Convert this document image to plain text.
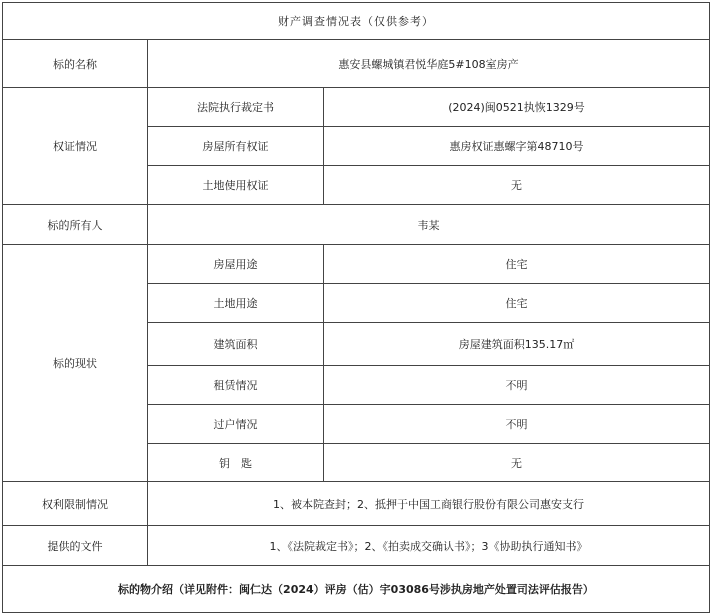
财产调查情况表（仅供参考）		
标的名称	惠安县螺城镇君悦华庭5#108室房产	
权证情况	法院执行裁定书	(2024)闽0521执恢1329号
	房屋所有权证	惠房权证惠螺字第48710号
	土地使用权证	无
标的所有人	韦某	
标的现状	房屋用途	住宅
	土地用途	住宅
	建筑面积	房屋建筑面积135.17㎡
	租赁情况	不明
	过户情况	不明
	钥　匙	无
权利限制情况	1、被本院查封；2、抵押于中国工商银行股份有限公司惠安支行	
提供的文件	1、《法院裁定书》；2、《拍卖成交确认书》；3《协助执行通知书》	
标的物介绍（详见附件：闽仁达（2024）评房（估）宇03086号涉执房地产处置司法评估报告）		
